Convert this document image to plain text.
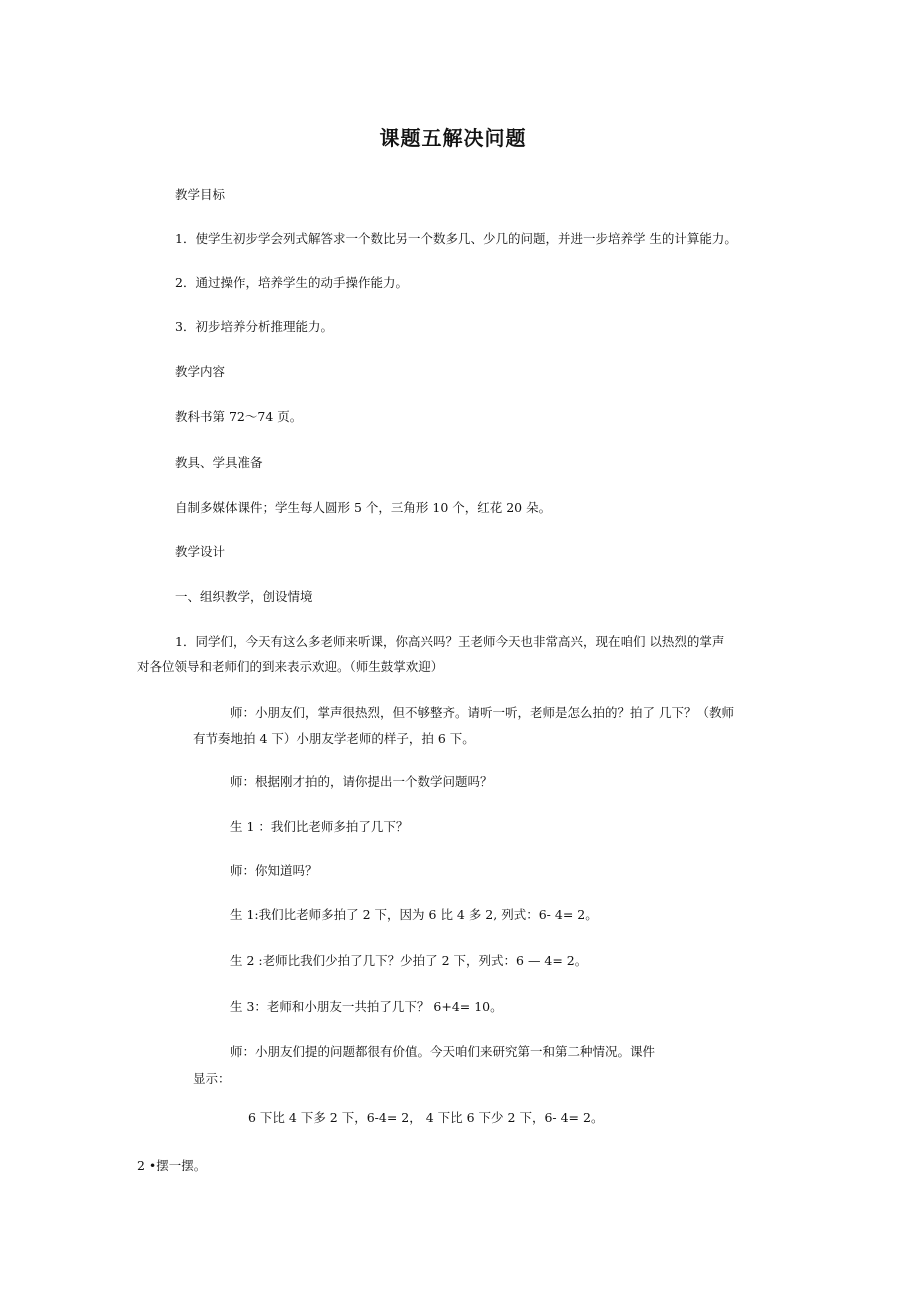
课题五解决问题
教学目标
1．使学生初步学会列式解答求一个数比另一个数多几、少几的问题，并进一步培养学 生的计算能力。
2．通过操作，培养学生的动手操作能力。
3．初步培养分析推理能力。
教学内容
教科书第 72～74 页。
教具、学具准备
自制多媒体课件；学生每人圆形 5 个，三角形 10 个，红花 20 朵。
教学设计
一、组织教学，创设情境
1．同学们，今天有这么多老师来听课，你高兴吗？王老师今天也非常高兴，现在咱们 以热烈的掌声
对各位领导和老师们的到来表示欢迎。（师生鼓掌欢迎）
师：小朋友们，掌声很热烈，但不够整齐。请听一听，老师是怎么拍的？拍了 几下？（教师
有节奏地拍 4 下）小朋友学老师的样子，拍 6 下。
师：根据刚才拍的，请你提出一个数学问题吗？
生 1 ：我们比老师多拍了几下？
师：你知道吗？
生 1:我们比老师多拍了 2 下，因为 6 比 4 多 2, 列式：6- 4= 2。
生 2 :老师比我们少拍了几下？少拍了 2 下，列式：6 — 4= 2。
生 3：老师和小朋友一共拍了几下？ 6+4= 10。
师：小朋友们提的问题都很有价值。今天咱们来研究第一和第二种情况。课件
显示：
6 下比 4 下多 2 下，6-4= 2， 4 下比 6 下少 2 下，6- 4= 2。
2 •摆一摆。
